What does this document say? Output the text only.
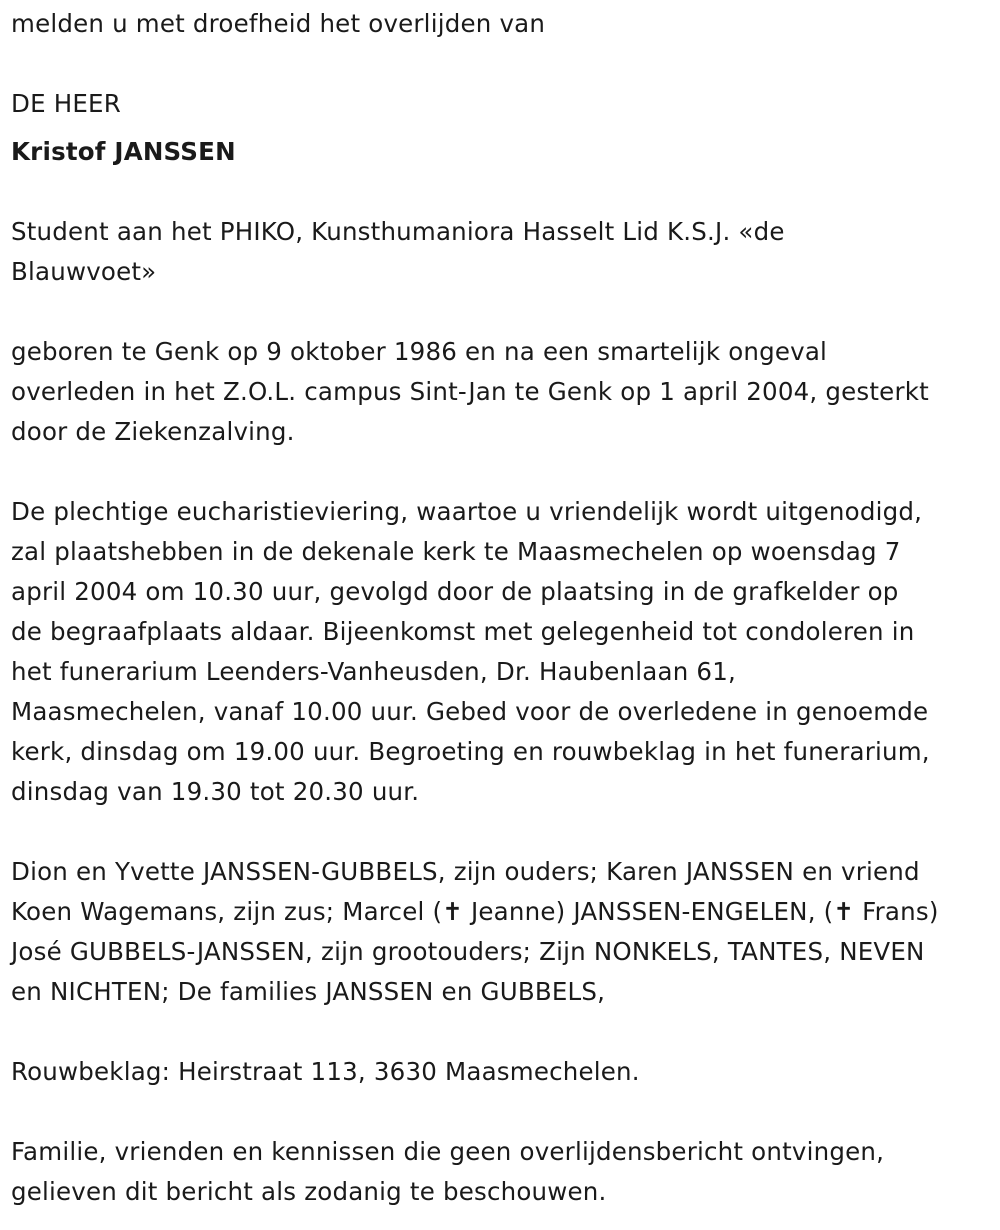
melden u met droefheid het overlijden van

DE HEER

Kristof JANSSEN

Student aan het PHIKO, Kunsthumaniora Hasselt Lid K.S.J. «de

Blauwvoet»

geboren te Genk op 9 oktober 1986 en na een smartelijk ongeval

overleden in het Z.O.L. campus Sint-Jan te Genk op 1 april 2004, gesterkt

door de Ziekenzalving.

De plechtige eucharistieviering, waartoe u vriendelijk wordt uitgenodigd,

zal plaatshebben in de dekenale kerk te Maasmechelen op woensdag 7

april 2004 om 10.30 uur, gevolgd door de plaatsing in de grafkelder op

de begraafplaats aldaar. Bijeenkomst met gelegenheid tot condoleren in

het funerarium Leenders-Vanheusden, Dr. Haubenlaan 61,

Maasmechelen, vanaf 10.00 uur. Gebed voor de overledene in genoemde

kerk, dinsdag om 19.00 uur. Begroeting en rouwbeklag in het funerarium,

dinsdag van 19.30 tot 20.30 uur.

Dion en Yvette JANSSEN-GUBBELS, zijn ouders; Karen JANSSEN en vriend

Koen Wagemans, zijn zus; Marcel (✝ Jeanne) JANSSEN-ENGELEN, (✝ Frans)

José GUBBELS-JANSSEN, zijn grootouders; Zijn NONKELS, TANTES, NEVEN

en NICHTEN; De families JANSSEN en GUBBELS,

Rouwbeklag: Heirstraat 113, 3630 Maasmechelen.

Familie, vrienden en kennissen die geen overlijdensbericht ontvingen,

gelieven dit bericht als zodanig te beschouwen.
